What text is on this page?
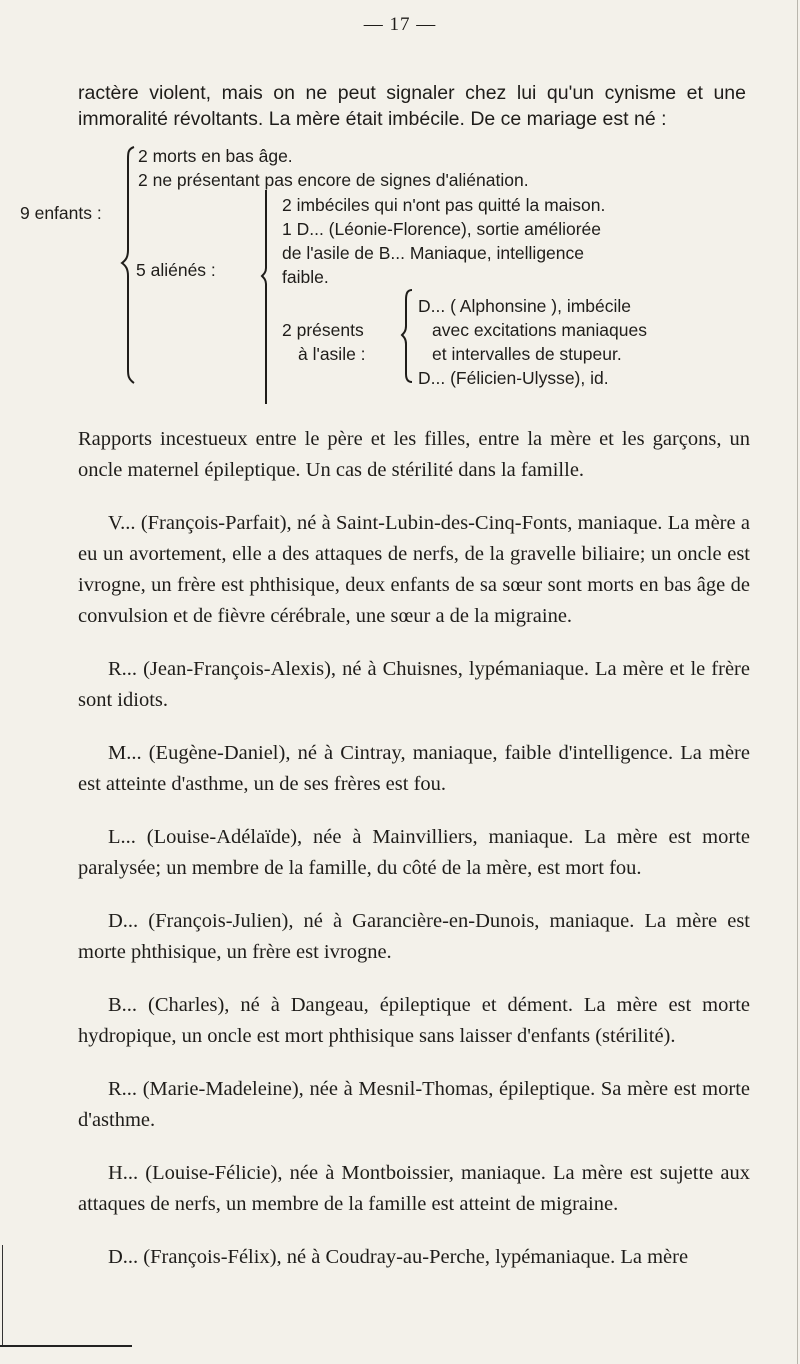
— 17 —

ractère violent, mais on ne peut signaler chez lui qu'un cynisme et une

immoralité révoltants. La mère était imbécile. De ce mariage est né :

9 enfants :
2 morts en bas âge.
2 ne présentant pas encore de signes d'aliénation.
5 aliénés :
2 imbéciles qui n'ont pas quitté la maison.
1 D... (Léonie-Florence), sortie améliorée
de l'asile de B... Maniaque, intelligence
faible.
2 présents
à l'asile :
D... ( Alphonsine ), imbécile
avec excitations maniaques
et intervalles de stupeur.
D... (Félicien-Ulysse), id.

Rapports incestueux entre le père et les filles, entre la mère et les garçons, un oncle maternel épileptique. Un cas de stérilité dans la famille.

V... (François-Parfait), né à Saint-Lubin-des-Cinq-Fonts, maniaque. La mère a eu un avortement, elle a des attaques de nerfs, de la gravelle biliaire; un oncle est ivrogne, un frère est phthisique, deux enfants de sa sœur sont morts en bas âge de convulsion et de fièvre cérébrale, une sœur a de la migraine.

R... (Jean-François-Alexis), né à Chuisnes, lypémaniaque. La mère et le frère sont idiots.

M... (Eugène-Daniel), né à Cintray, maniaque, faible d'intelligence. La mère est atteinte d'asthme, un de ses frères est fou.

L... (Louise-Adélaïde), née à Mainvilliers, maniaque. La mère est morte paralysée; un membre de la famille, du côté de la mère, est mort fou.

D... (François-Julien), né à Garancière-en-Dunois, maniaque. La mère est morte phthisique, un frère est ivrogne.

B... (Charles), né à Dangeau, épileptique et dément. La mère est morte hydropique, un oncle est mort phthisique sans laisser d'enfants (stérilité).

R... (Marie-Madeleine), née à Mesnil-Thomas, épileptique. Sa mère est morte d'asthme.

H... (Louise-Félicie), née à Montboissier, maniaque. La mère est sujette aux attaques de nerfs, un membre de la famille est atteint de migraine.

D... (François-Félix), né à Coudray-au-Perche, lypémaniaque. La mère
